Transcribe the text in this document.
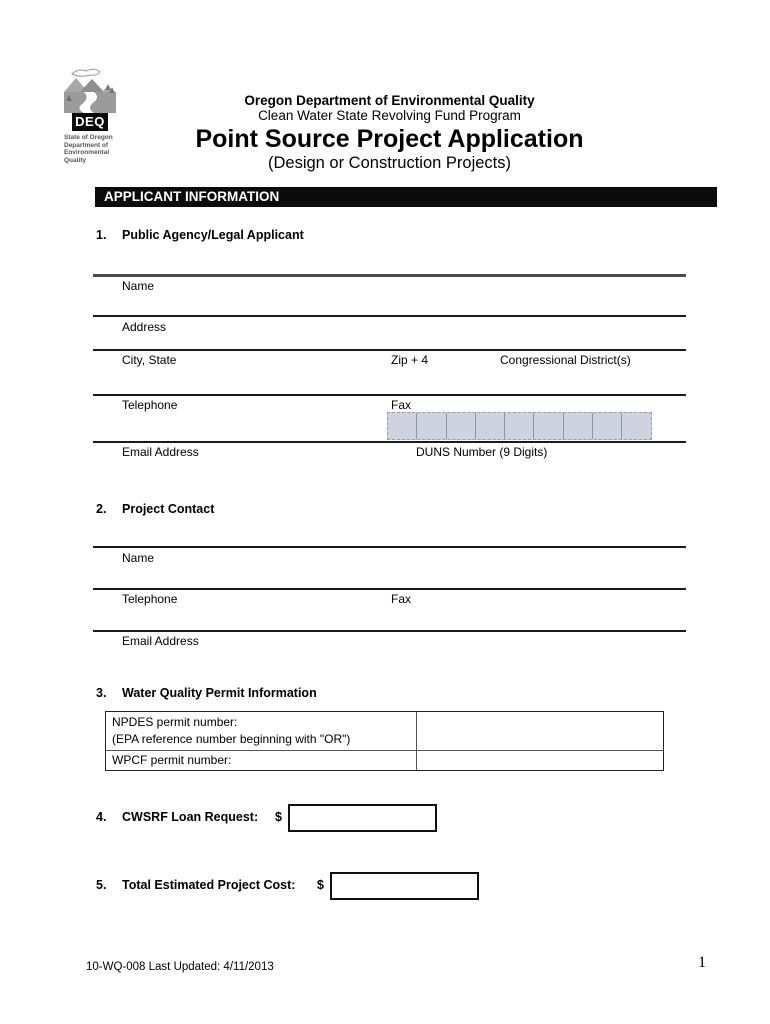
DEQ
State of Oregon
Department of
Environmental
Quality
Oregon Department of Environmental Quality
Clean Water State Revolving Fund Program
Point Source Project Application
(Design or Construction Projects)
APPLICANT INFORMATION
1. Public Agency/Legal Applicant
Name
Address
City, State	Zip + 4	Congressional District(s)
Telephone	Fax
Email Address	DUNS Number (9 Digits)
2. Project Contact
Name
Telephone	Fax
Email Address
3. Water Quality Permit Information
NPDES permit number:
(EPA reference number beginning with "OR")
WPCF permit number:
4. CWSRF Loan Request: $
5. Total Estimated Project Cost: $
10-WQ-008 Last Updated: 4/11/2013	1
